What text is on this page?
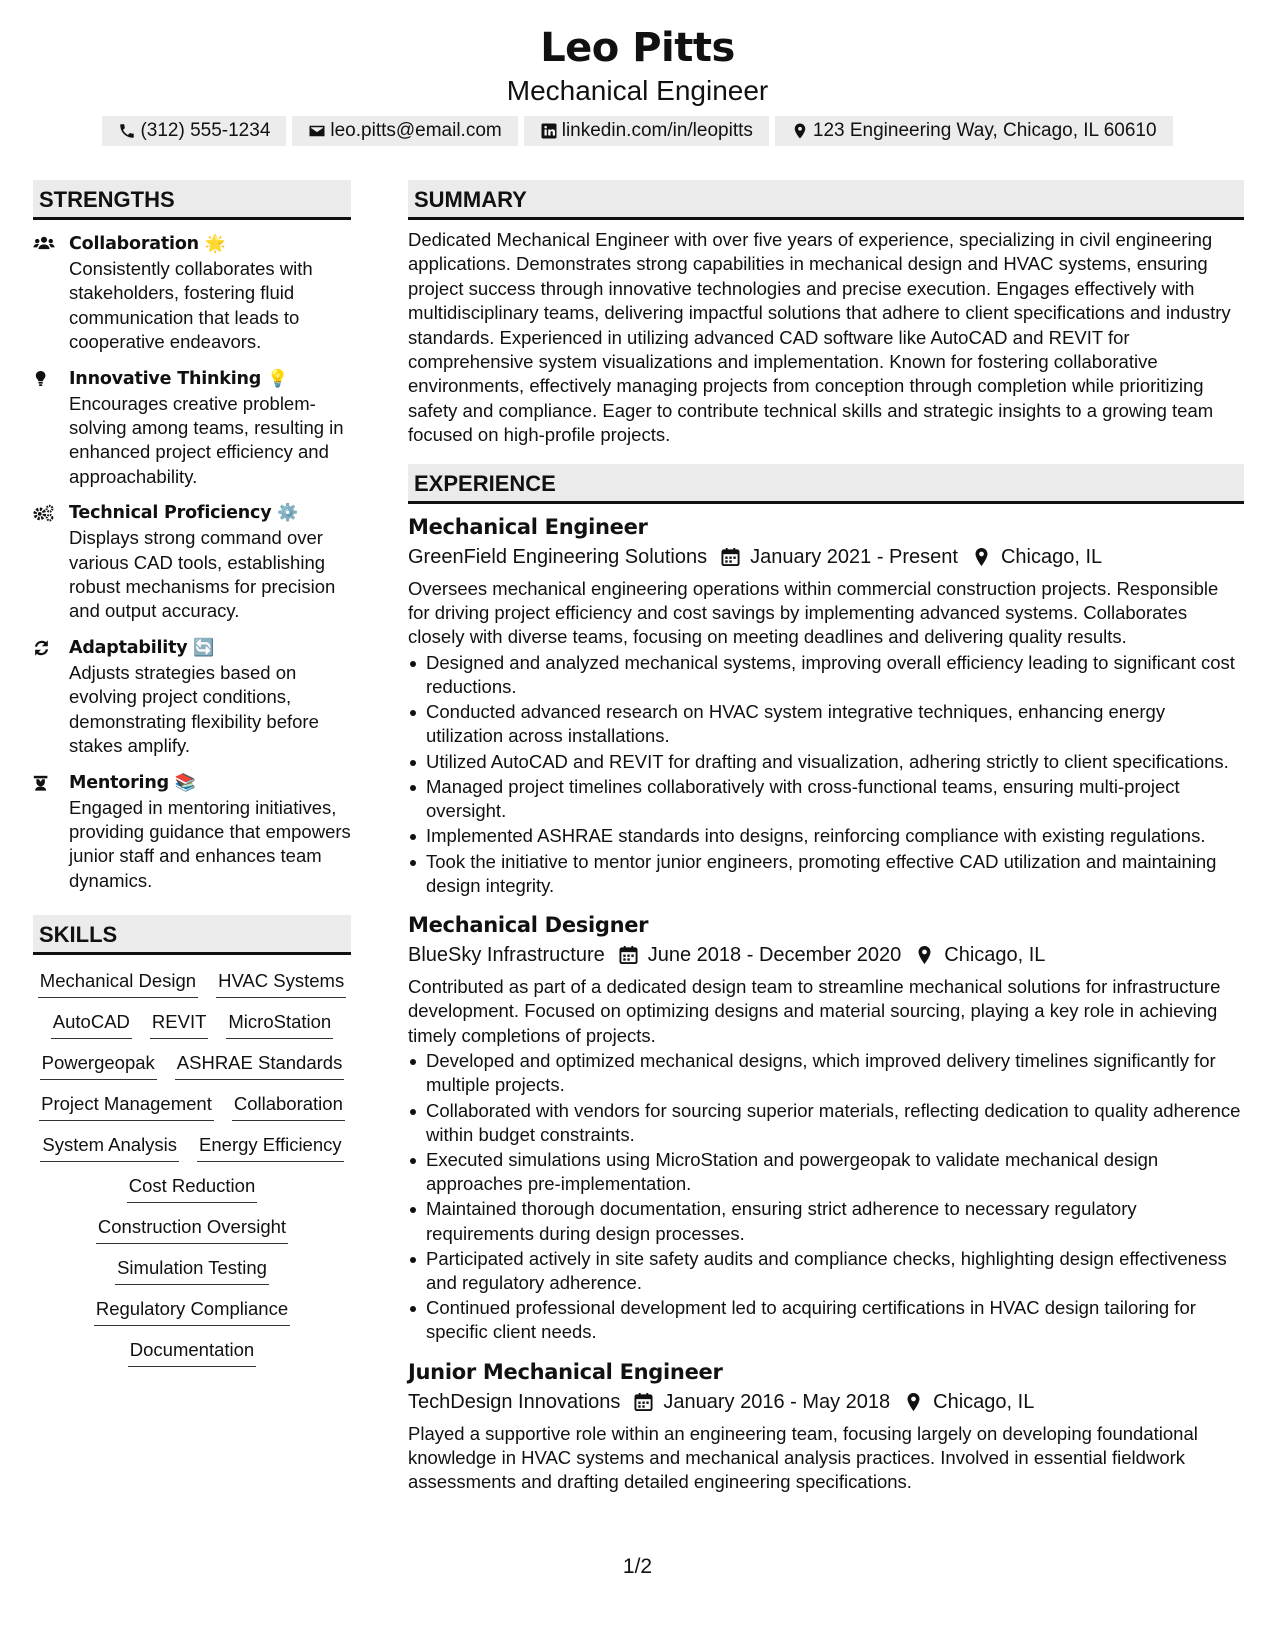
Leo Pitts
Mechanical Engineer
(312) 555-1234	leo.pitts@email.com	linkedin.com/in/leopitts	123 Engineering Way, Chicago, IL 60610
STRENGTHS
Collaboration 🌟
Consistently collaborates with stakeholders, fostering fluid communication that leads to cooperative endeavors.
Innovative Thinking 💡
Encourages creative problem-solving among teams, resulting in enhanced project efficiency and approachability.
Technical Proficiency ⚙️
Displays strong command over various CAD tools, establishing robust mechanisms for precision and output accuracy.
Adaptability 🔄
Adjusts strategies based on evolving project conditions, demonstrating flexibility before stakes amplify.
Mentoring 📚
Engaged in mentoring initiatives, providing guidance that empowers junior staff and enhances team dynamics.
SKILLS
Mechanical Design HVAC Systems
AutoCAD REVIT MicroStation
Powergeopak ASHRAE Standards
Project Management Collaboration
System Analysis Energy Efficiency
Cost Reduction
Construction Oversight
Simulation Testing
Regulatory Compliance
Documentation
SUMMARY
Dedicated Mechanical Engineer with over five years of experience, specializing in civil engineering applications. Demonstrates strong capabilities in mechanical design and HVAC systems, ensuring project success through innovative technologies and precise execution. Engages effectively with multidisciplinary teams, delivering impactful solutions that adhere to client specifications and industry standards. Experienced in utilizing advanced CAD software like AutoCAD and REVIT for comprehensive system visualizations and implementation. Known for fostering collaborative environments, effectively managing projects from conception through completion while prioritizing safety and compliance. Eager to contribute technical skills and strategic insights to a growing team focused on high-profile projects.
EXPERIENCE
Mechanical Engineer
GreenField Engineering Solutions January 2021 - Present Chicago, IL
Oversees mechanical engineering operations within commercial construction projects. Responsible for driving project efficiency and cost savings by implementing advanced systems. Collaborates closely with diverse teams, focusing on meeting deadlines and delivering quality results.
Designed and analyzed mechanical systems, improving overall efficiency leading to significant cost reductions.
Conducted advanced research on HVAC system integrative techniques, enhancing energy utilization across installations.
Utilized AutoCAD and REVIT for drafting and visualization, adhering strictly to client specifications.
Managed project timelines collaboratively with cross-functional teams, ensuring multi-project oversight.
Implemented ASHRAE standards into designs, reinforcing compliance with existing regulations.
Took the initiative to mentor junior engineers, promoting effective CAD utilization and maintaining design integrity.
Mechanical Designer
BlueSky Infrastructure June 2018 - December 2020 Chicago, IL
Contributed as part of a dedicated design team to streamline mechanical solutions for infrastructure development. Focused on optimizing designs and material sourcing, playing a key role in achieving timely completions of projects.
Developed and optimized mechanical designs, which improved delivery timelines significantly for multiple projects.
Collaborated with vendors for sourcing superior materials, reflecting dedication to quality adherence within budget constraints.
Executed simulations using MicroStation and powergeopak to validate mechanical design approaches pre-implementation.
Maintained thorough documentation, ensuring strict adherence to necessary regulatory requirements during design processes.
Participated actively in site safety audits and compliance checks, highlighting design effectiveness and regulatory adherence.
Continued professional development led to acquiring certifications in HVAC design tailoring for specific client needs.
Junior Mechanical Engineer
TechDesign Innovations January 2016 - May 2018 Chicago, IL
Played a supportive role within an engineering team, focusing largely on developing foundational knowledge in HVAC systems and mechanical analysis practices. Involved in essential fieldwork assessments and drafting detailed engineering specifications.
1/2
